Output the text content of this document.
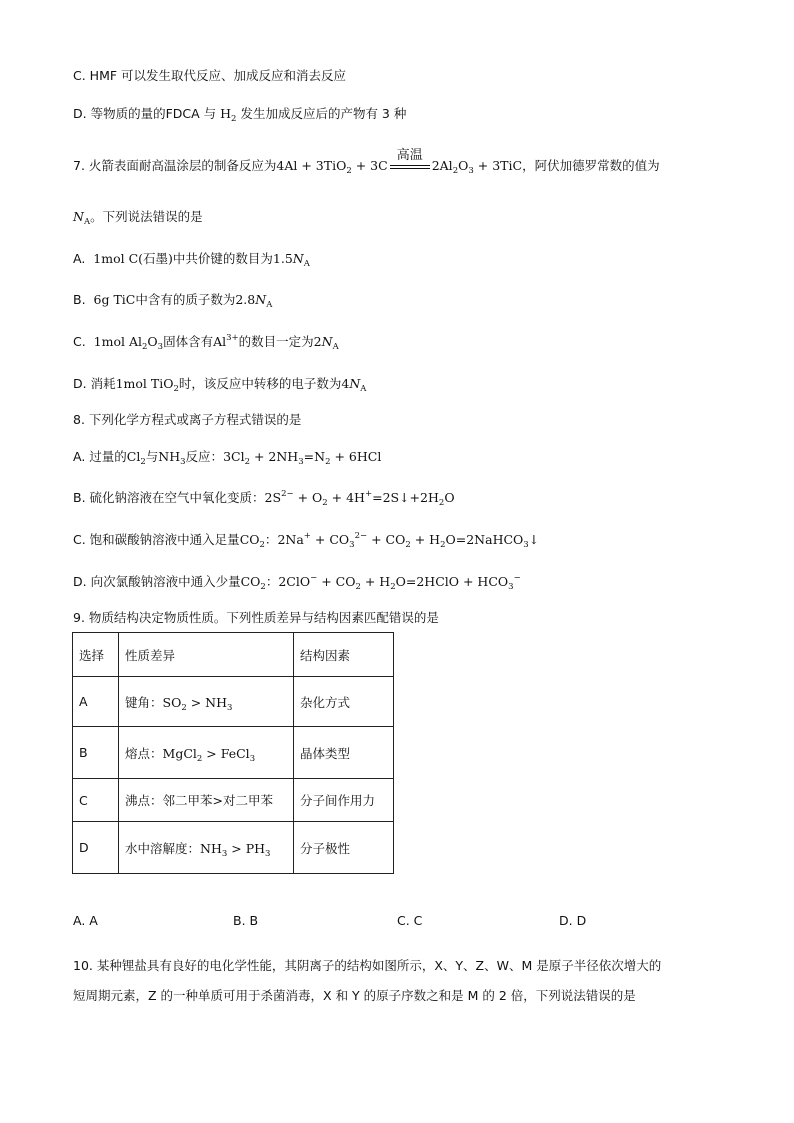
C. HMF 可以发生取代反应、加成反应和消去反应
D. 等物质的量的FDCA 与 $H_2$ 发生加成反应后的产物有 3 种
7. 火箭表面耐高温涂层的制备反应为4Al + 3TiO$_2$ + 3C
高温
$2Al_2O_3 + 3TiC$，阿伏加德罗常数的值为
$N_A$。下列说法错误的是
A. 1mol C(石墨)中共价键的数目为$1.5N_A$
B. 6g TiC中含有的质子数为$2.8N_A$
C. 1mol $Al_2O_3$固体含有$Al^{3+}$的数目一定为$2N_A$
D. 消耗1mol TiO$_2$时，该反应中转移的电子数为$4N_A$
8. 下列化学方程式或离子方程式错误的是
A. 过量的$Cl_2$与$NH_3$反应：$3Cl_2 + 2NH_3=N_2 + 6HCl$
B. 硫化钠溶液在空气中氧化变质：$2S^{2-} + O_2$ + $4H^+=2S↓+2H_2O$
C. 饱和碳酸钠溶液中通入足量$CO_2$：$2Na^+ + CO_3^{2-} + CO_2$ + $H_2O=2NaHCO_3↓$
D. 向次氯酸钠溶液中通入少量$CO_2$：$2ClO^- + CO_2$ + $H_2O=2HClO + HCO_3^-$
9. 物质结构决定物质性质。下列性质差异与结构因素匹配错误的是
选择	性质差异	结构因素
A	键角：$SO_2 > NH_3$	杂化方式
B	熔点：MgCl$_2$ > FeCl$_3$	晶体类型
C	沸点：邻二甲苯>对二甲苯	分子间作用力
D	水中溶解度：$NH_3 > PH_3$	分子极性
A. A	B. B	C. C	D. D
10. 某种锂盐具有良好的电化学性能，其阴离子的结构如图所示，X、Y、Z、W、M 是原子半径依次增大的
短周期元素，Z 的一种单质可用于杀菌消毒，X 和 Y 的原子序数之和是 M 的 2 倍，下列说法错误的是
